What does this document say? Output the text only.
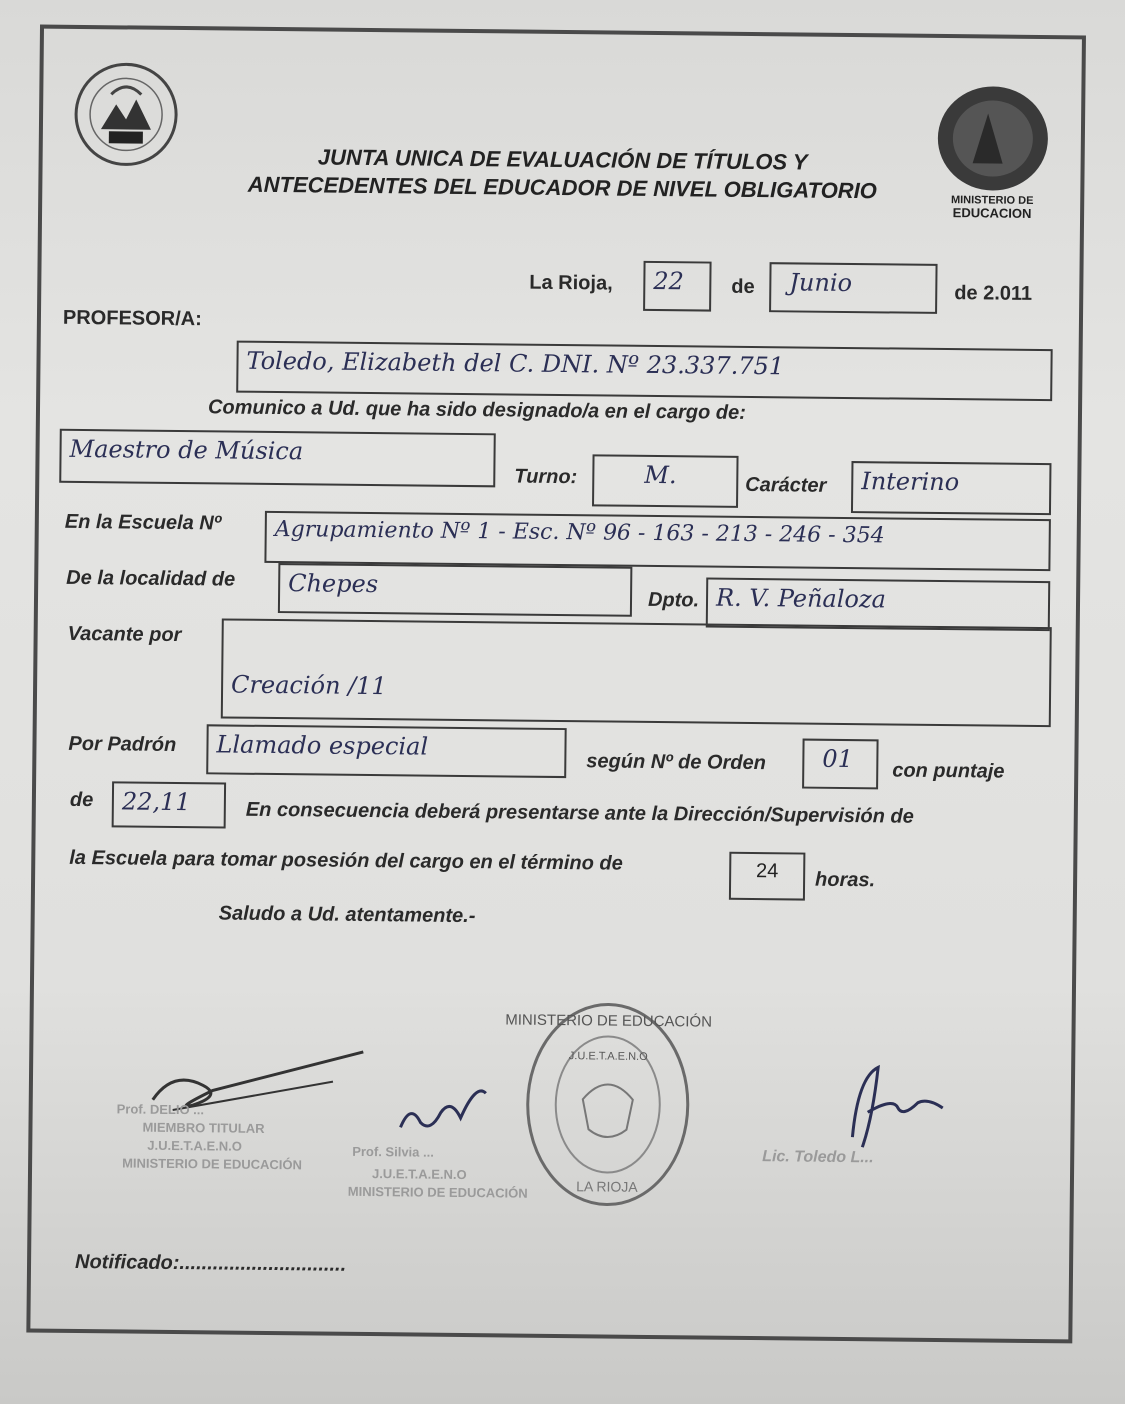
MINISTERIO DE
EDUCACION
JUNTA UNICA DE EVALUACIÓN DE TÍTULOS Y
ANTECEDENTES DEL EDUCADOR DE NIVEL OBLIGATORIO
La Rioja, 22 de Junio	de 2.011
PROFESOR/A:
Toledo, Elizabeth del C. DNI. Nº 23.337.751
Comunico a Ud. que ha sido designado/a en el cargo de:
Maestro de Música
Turno:	M.	Carácter Interino
En la Escuela Nº Agrupamiento Nº 1 - Esc. Nº 96 - 163 - 213 - 246 - 354
De la localidad de Chepes
Dpto. R. V. Peñaloza
Vacante por
Creación /11
Por Padrón Llamado especial
según Nº de Orden 01 con puntaje
de 22,11	En consecuencia deberá presentarse ante la Dirección/Supervisión de
la Escuela para tomar posesión del cargo en el término de	24	horas.
Saludo a Ud. atentamente.-
MINISTERIO DE EDUCACIÓN
J.U.E.T.A.E.N.O
LA RIOJA
Prof. DELIO ...
MIEMBRO TITULAR
J.U.E.T.A.E.N.O
MINISTERIO DE EDUCACIÓN
Prof. Silvia ...
J.U.E.T.A.E.N.O
MINISTERIO DE EDUCACIÓN
Lic. Toledo L...
Notificado:..............................
